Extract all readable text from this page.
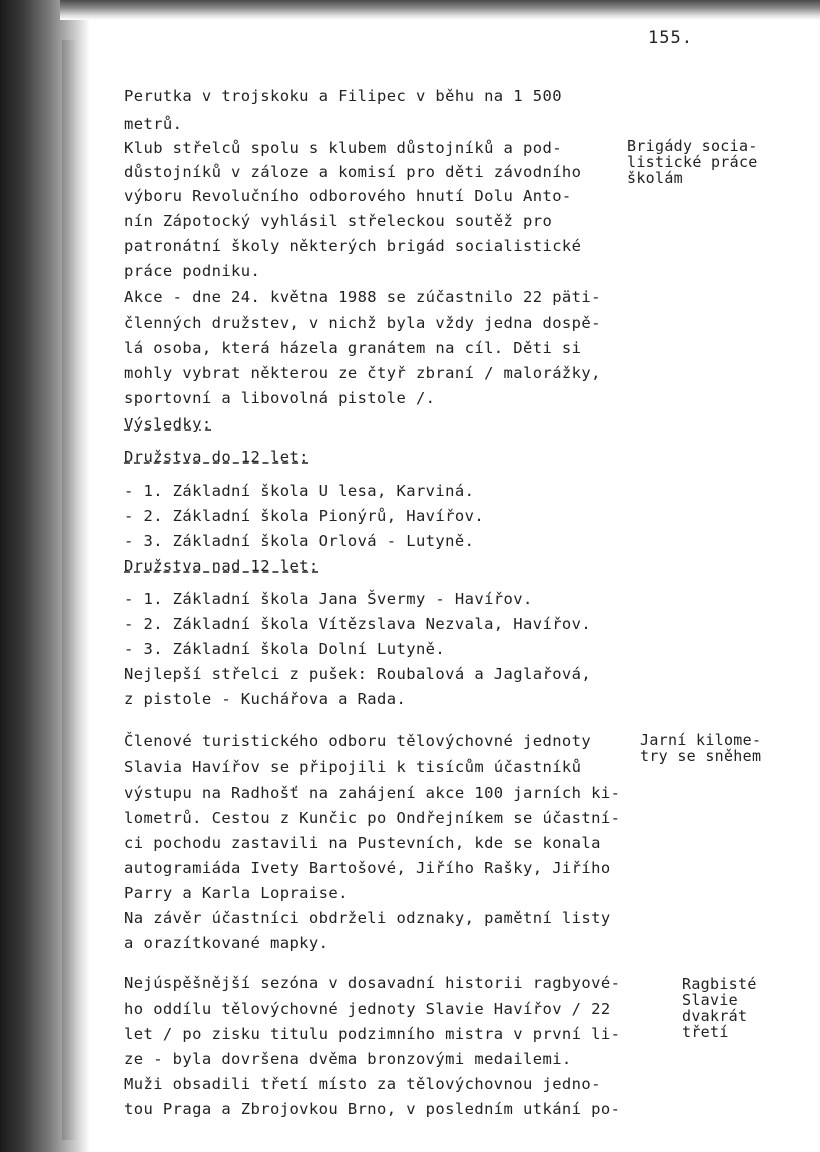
155.
Perutka v trojskoku a Filipec v běhu na 1 500
metrů.
Klub střelců spolu s klubem důstojníků a pod-
důstojníků v záloze a komisí pro děti závodního
výboru Revolučního odborového hnutí Dolu Anto-
nín Zápotocký vyhlásil střeleckou soutěž pro
patronátní školy některých brigád socialistické
práce podniku.
Akce - dne 24. května 1988 se zúčastnilo 22 päti-
členných družstev, v nichž byla vždy jedna dospě-
lá osoba, která házela granátem na cíl. Děti si
mohly vybrat některou ze čtyř zbraní / malorážky,
sportovní a libovolná pistole /.
Výsledky:
Družstva do 12 let:
- 1. Základní škola U lesa, Karviná.
- 2. Základní škola Pionýrů, Havířov.
- 3. Základní škola Orlová - Lutyně.
Družstva nad 12 let:
- 1. Základní škola Jana Švermy - Havířov.
- 2. Základní škola Vítězslava Nezvala, Havířov.
- 3. Základní škola Dolní Lutyně.
Nejlepší střelci z pušek: Roubalová a Jaglařová,
z pistole - Kuchářova a Rada.
Členové turistického odboru tělovýchovné jednoty
Slavia Havířov se připojili k tisícům účastníků
výstupu na Radhošť na zahájení akce 100 jarních ki-
lometrů. Cestou z Kunčic po Ondřejníkem se účastní-
ci pochodu zastavili na Pustevních, kde se konala
autogramiáda Ivety Bartošové, Jiřího Rašky, Jiřího
Parry a Karla Lopraise.
Na závěr účastníci obdrželi odznaky, pamětní listy
a orazítkované mapky.
Nejúspěšnější sezóna v dosavadní historii ragbyové-
ho oddílu tělovýchovné jednoty Slavie Havířov / 22
let / po zisku titulu podzimního mistra v první li-
ze - byla dovršena dvěma bronzovými medailemi.
Muži obsadili třetí místo za tělovýchovnou jedno-
tou Praga a Zbrojovkou Brno, v posledním utkání po-
Brigády socia-
listické práce
školám
Jarní kilome-
try se sněhem
Ragbisté
Slavie
dvakrát
třetí
